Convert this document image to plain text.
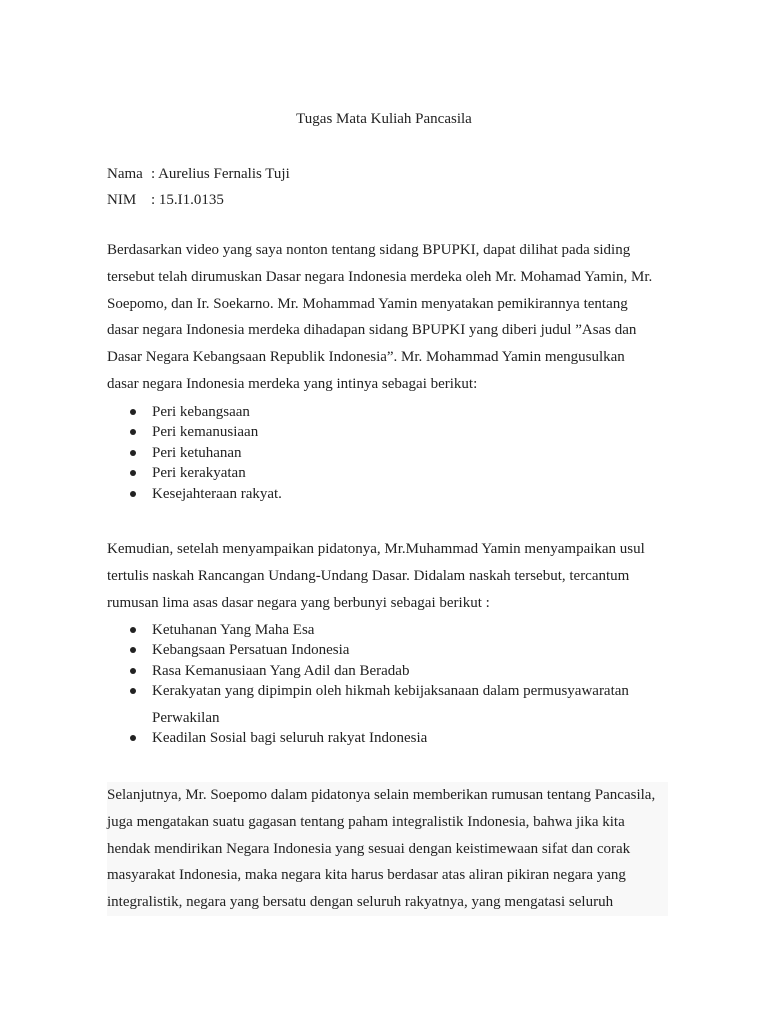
Tugas Mata Kuliah Pancasila
Nama : Aurelius Fernalis Tuji
NIM : 15.I1.0135

Berdasarkan video yang saya nonton tentang sidang BPUPKI, dapat dilihat pada siding

tersebut telah dirumuskan Dasar negara Indonesia merdeka oleh Mr. Mohamad Yamin, Mr.

Soepomo, dan Ir. Soekarno. Mr. Mohammad Yamin menyatakan pemikirannya tentang

dasar negara Indonesia merdeka dihadapan sidang BPUPKI yang diberi judul ”Asas dan

Dasar Negara Kebangsaan Republik Indonesia”. Mr. Mohammad Yamin mengusulkan

dasar negara Indonesia merdeka yang intinya sebagai berikut:

Peri kebangsaan
Peri kemanusiaan
Peri ketuhanan
Peri kerakyatan
Kesejahteraan rakyat.

Kemudian, setelah menyampaikan pidatonya, Mr.Muhammad Yamin menyampaikan usul

tertulis naskah Rancangan Undang-Undang Dasar. Didalam naskah tersebut, tercantum

rumusan lima asas dasar negara yang berbunyi sebagai berikut :

Ketuhanan Yang Maha Esa
Kebangsaan Persatuan Indonesia
Rasa Kemanusiaan Yang Adil dan Beradab
Kerakyatan yang dipimpin oleh hikmah kebijaksanaan dalam permusyawaratan
Perwakilan
Keadilan Sosial bagi seluruh rakyat Indonesia

Selanjutnya, Mr. Soepomo dalam pidatonya selain memberikan rumusan tentang Pancasila,

juga mengatakan suatu gagasan tentang paham integralistik Indonesia, bahwa jika kita

hendak mendirikan Negara Indonesia yang sesuai dengan keistimewaan sifat dan corak

masyarakat Indonesia, maka negara kita harus berdasar atas aliran pikiran negara yang

integralistik, negara yang bersatu dengan seluruh rakyatnya, yang mengatasi seluruh
